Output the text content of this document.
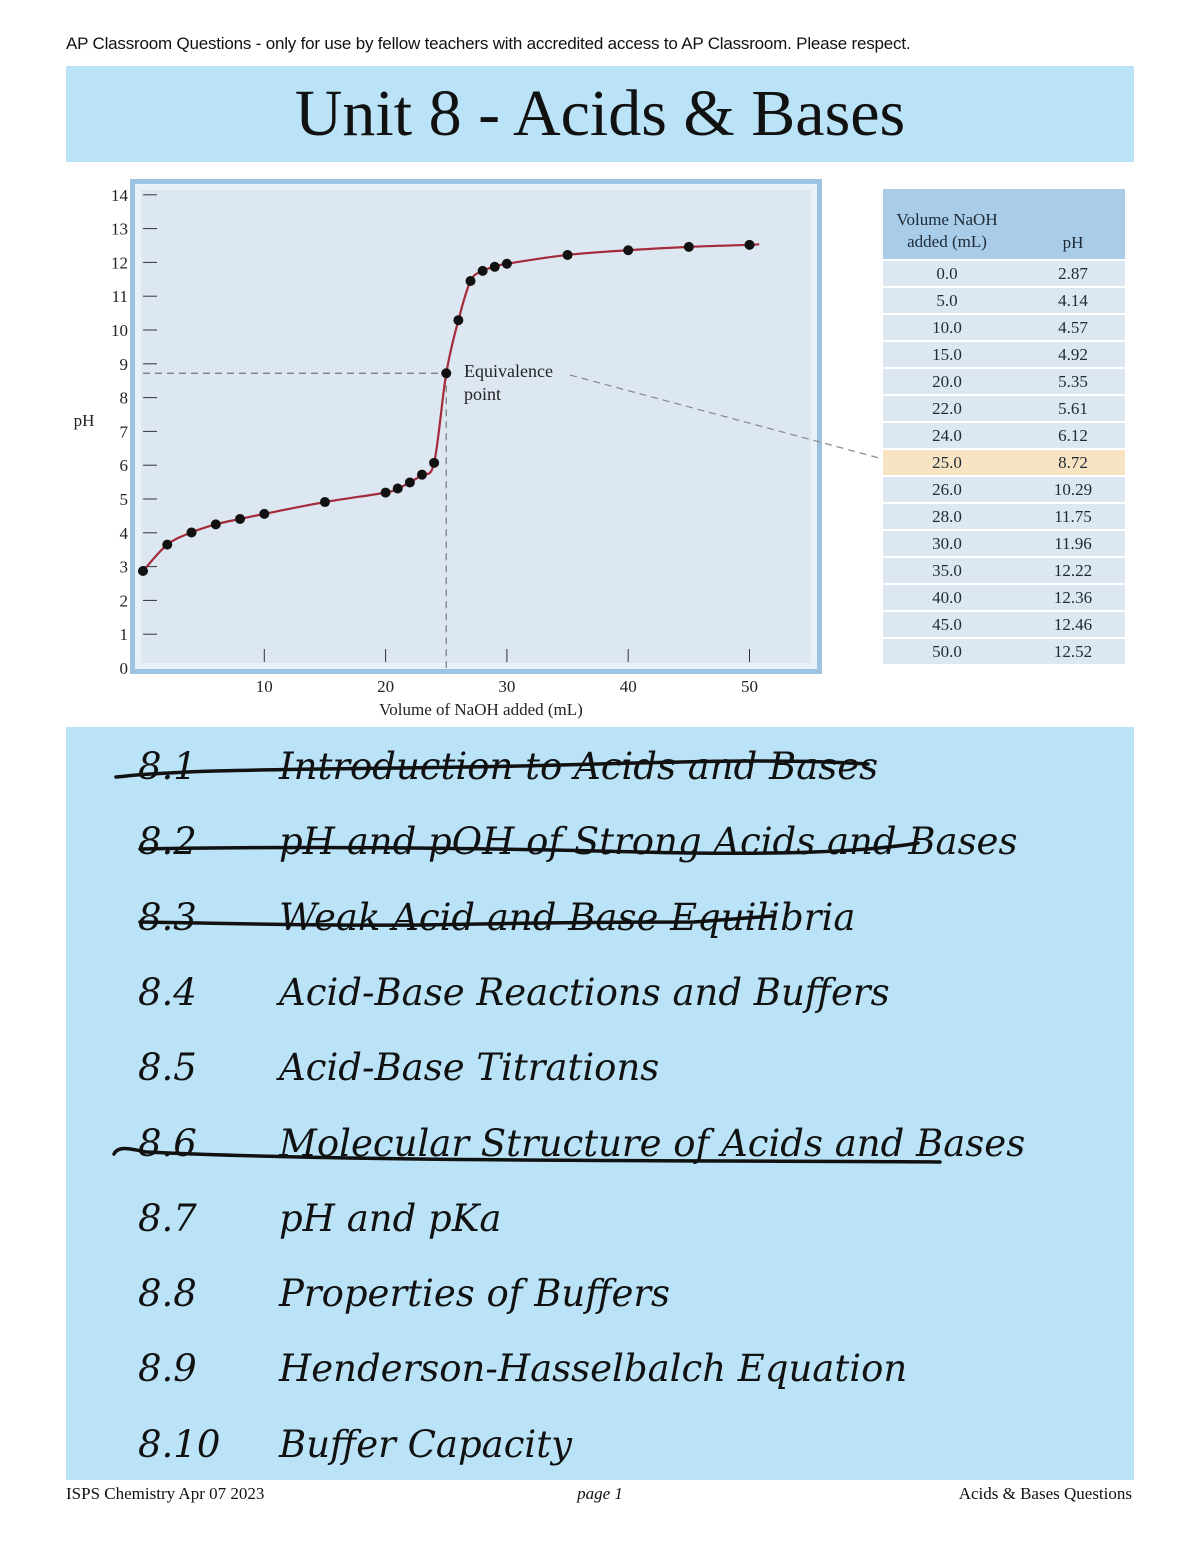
AP Classroom Questions - only for use by fellow teachers with accredited access to AP Classroom. Please respect.
Unit 8 - Acids & Bases
0
1
2
3
4
5
6
7
8
9
10
11
12
13
14
10	20	30	40	50
pH
Volume of NaOH added (mL)
Equivalence
point
Volume NaOH
added (mL)	pH
0.0	2.87
5.0	4.14
10.0	4.57
15.0	4.92
20.0	5.35
22.0	5.61
24.0	6.12
25.0	8.72
26.0	10.29
28.0	11.75
30.0	11.96
35.0	12.22
40.0	12.36
45.0	12.46
50.0	12.52
8.1 Introduction to Acids and Bases
8.2 pH and pOH of Strong Acids and Bases
8.3 Weak Acid and Base Equilibria
8.4 Acid-Base Reactions and Buffers
8.5 Acid-Base Titrations
8.6 Molecular Structure of Acids and Bases
8.7 pH and pKa
8.8 Properties of Buffers
8.9 Henderson-Hasselbalch Equation
8.10 Buffer Capacity
ISPS Chemistry Apr 07 2023	page 1	Acids & Bases Questions
